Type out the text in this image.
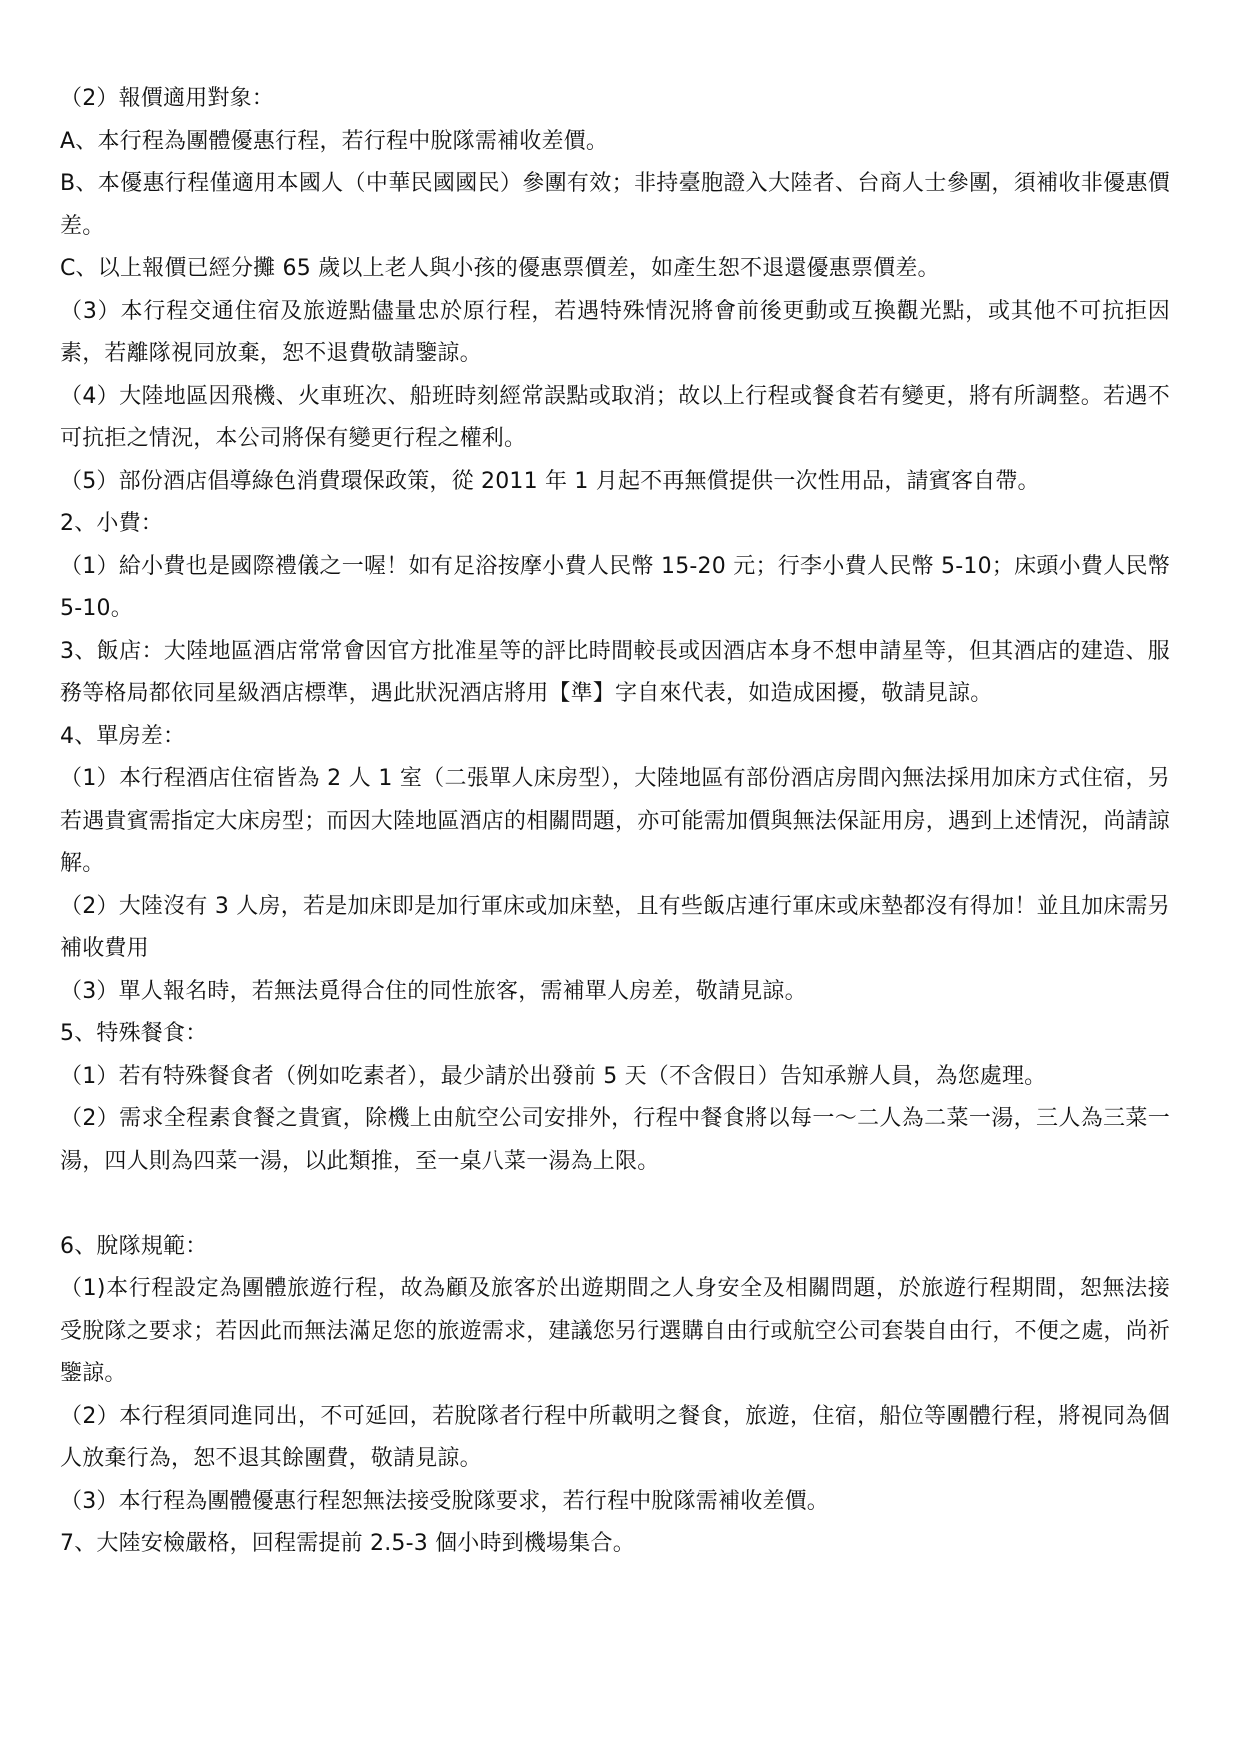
（2）報價適用對象：

A、本行程為團體優惠行程，若行程中脫隊需補收差價。

B、本優惠行程僅適用本國人（中華民國國民）參團有效；非持臺胞證入大陸者、台商人士參團，須補收非優惠價差。

C、以上報價已經分攤 65 歲以上老人與小孩的優惠票價差，如產生恕不退還優惠票價差。

（3）本行程交通住宿及旅遊點儘量忠於原行程，若遇特殊情況將會前後更動或互換觀光點，或其他不可抗拒因素，若離隊視同放棄，恕不退費敬請鑒諒。

（4）大陸地區因飛機、火車班次、船班時刻經常誤點或取消；故以上行程或餐食若有變更，將有所調整。若遇不可抗拒之情況，本公司將保有變更行程之權利。

（5）部份酒店倡導綠色消費環保政策，從 2011 年 1 月起不再無償提供一次性用品，請賓客自帶。

2、小費：

（1）給小費也是國際禮儀之一喔！如有足浴按摩小費人民幣 15-20 元；行李小費人民幣 5-10；床頭小費人民幣 5-10。

3、飯店：大陸地區酒店常常會因官方批准星等的評比時間較長或因酒店本身不想申請星等，但其酒店的建造、服務等格局都依同星級酒店標準，遇此狀況酒店將用【準】字自來代表，如造成困擾，敬請見諒。

4、單房差：

（1）本行程酒店住宿皆為 2 人 1 室（二張單人床房型），大陸地區有部份酒店房間內無法採用加床方式住宿，另若遇貴賓需指定大床房型；而因大陸地區酒店的相關問題，亦可能需加價與無法保証用房，遇到上述情況，尚請諒解。

（2）大陸沒有 3 人房，若是加床即是加行軍床或加床墊，且有些飯店連行軍床或床墊都沒有得加！並且加床需另補收費用

（3）單人報名時，若無法覓得合住的同性旅客，需補單人房差，敬請見諒。

5、特殊餐食：

（1）若有特殊餐食者（例如吃素者），最少請於出發前 5 天（不含假日）告知承辦人員，為您處理。

（2）需求全程素食餐之貴賓，除機上由航空公司安排外，行程中餐食將以每一～二人為二菜一湯，三人為三菜一湯，四人則為四菜一湯，以此類推，至一桌八菜一湯為上限。

6、脫隊規範：

（1)本行程設定為團體旅遊行程，故為顧及旅客於出遊期間之人身安全及相關問題，於旅遊行程期間，恕無法接受脫隊之要求；若因此而無法滿足您的旅遊需求，建議您另行選購自由行或航空公司套裝自由行，不便之處，尚祈鑒諒。

（2）本行程須同進同出，不可延回，若脫隊者行程中所載明之餐食，旅遊，住宿，船位等團體行程，將視同為個人放棄行為，恕不退其餘團費，敬請見諒。

（3）本行程為團體優惠行程恕無法接受脫隊要求，若行程中脫隊需補收差價。

7、大陸安檢嚴格，回程需提前 2.5-3 個小時到機場集合。
